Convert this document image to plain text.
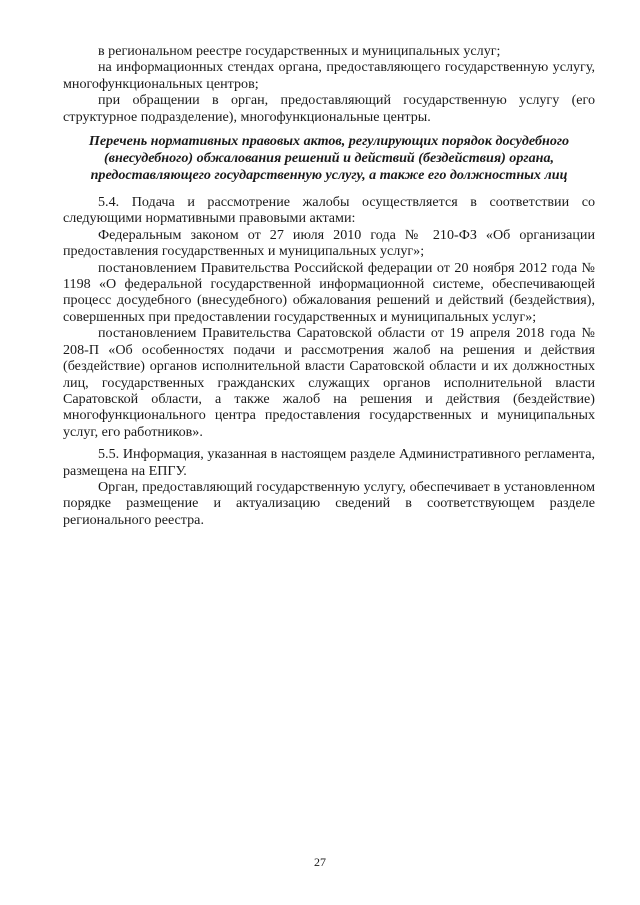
в региональном реестре государственных и муниципальных услуг;

на информационных стендах органа, предоставляющего государственную услугу, многофункциональных центров;

при обращении в орган, предоставляющий государственную услугу (его структурное подразделение), многофункциональные центры.

Перечень нормативных правовых актов, регулирующих порядок досудебного (внесудебного) обжалования решений и действий (бездействия) органа, предоставляющего государственную услугу, а также его должностных лиц

5.4. Подача и рассмотрение жалобы осуществляется в соответствии со следующими нормативными правовыми актами:

Федеральным законом от 27 июля 2010 года № 210-ФЗ «Об организации предоставления государственных и муниципальных услуг»;

постановлением Правительства Российской федерации от 20 ноября 2012 года № 1198 «О федеральной государственной информационной системе, обеспечивающей процесс досудебного (внесудебного) обжалования решений и действий (бездействия), совершенных при предоставлении государственных и муниципальных услуг»;

постановлением Правительства Саратовской области от 19 апреля 2018 года № 208-П «Об особенностях подачи и рассмотрения жалоб на решения и действия (бездействие) органов исполнительной власти Саратовской области и их должностных лиц, государственных гражданских служащих органов исполнительной власти Саратовской области, а также жалоб на решения и действия (бездействие) многофункционального центра предоставления государственных и муниципальных услуг, его работников».

5.5. Информация, указанная в настоящем разделе Административного регламента, размещена на ЕПГУ.

Орган, предоставляющий государственную услугу, обеспечивает в установленном порядке размещение и актуализацию сведений в соответствующем разделе регионального реестра.

27
